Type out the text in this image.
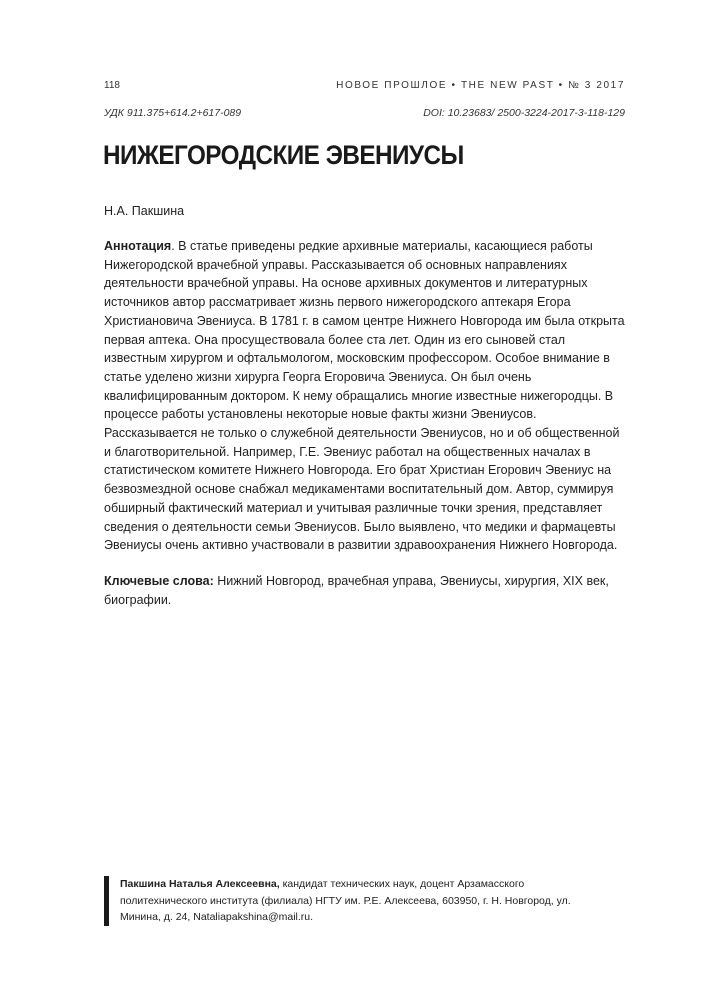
118	НОВОЕ ПРОШЛОЕ • THE NEW PAST • № 3 2017
УДК 911.375+614.2+617-089	DOI: 10.23683/ 2500-3224-2017-3-118-129
НИЖЕГОРОДСКИЕ ЭВЕНИУСЫ
Н.А. Пакшина

Аннотация. В статье приведены редкие архивные материалы, касающиеся работы Нижегородской врачебной управы. Рассказывается об основных направлениях деятельности врачебной управы. На основе архивных документов и литературных источников автор рассматривает жизнь первого нижегородского аптекаря Егора Христиановича Эвениуса. В 1781 г. в самом центре Нижнего Новгорода им была открыта первая аптека. Она просуществовала более ста лет. Один из его сыновей стал известным хирургом и офтальмологом, московским профессором. Особое внимание в статье уделено жизни хирурга Георга Егоровича Эвениуса. Он был очень квалифицированным доктором. К нему обращались многие известные нижегородцы. В процессе работы установлены некоторые новые факты жизни Эвениусов. Рассказывается не только о служебной деятельности Эвениусов, но и об общественной и благотворительной. Например, Г.Е. Эвениус работал на общественных началах в статистическом комитете Нижнего Новгорода. Его брат Христиан Егорович Эвениус на безвозмездной основе снабжал медикаментами воспитательный дом. Автор, суммируя обширный фактический материал и учитывая различные точки зрения, представляет сведения о деятельности семьи Эвениусов. Было выявлено, что медики и фармацевты Эвениусы очень активно участвовали в развитии здравоохранения Нижнего Новгорода.

Ключевые слова: Нижний Новгород, врачебная управа, Эвениусы, хирургия, XIX век, биографии.

Пакшина Наталья Алексеевна, кандидат технических наук, доцент Арзамасского политехнического института (филиала) НГТУ им. Р.Е. Алексеева, 603950, г. Н. Новгород, ул. Минина, д. 24, Nataliapakshina@mail.ru.
